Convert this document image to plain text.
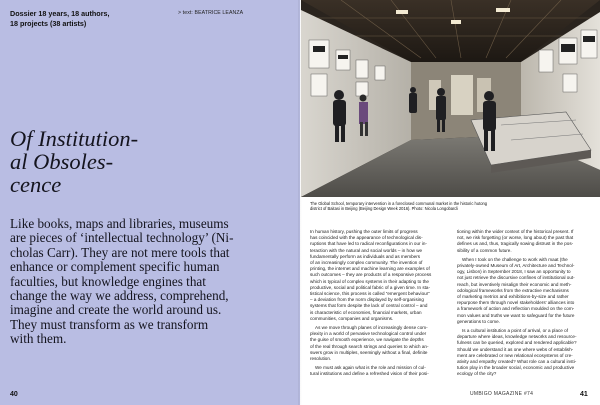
Dossier 18 years, 18 authors,
18 projects (38 artists)
> text: BEATRICE LEANZA
Of Institution-
al Obsoles-
cence
Like books, maps and libraries, museums
are pieces of ‘intellectual technology’ (Ni-
cholas Carr). They are not mere tools that
enhance or complement specific human
faculties, but knowledge engines that
change the way we address, comprehend,
imagine and create the world around us.
They must transform as we transform
with them.
40
The Global School, temporary intervention in a foreclosed communal market in the historic hutong
district of Baitasi in Beijing (Beijing Design Week 2016). Photo: Nicola Longobardi
In human history, pushing the outer limits of progress
has coincided with the appearance of technological dis-
ruptions that have led to radical reconfigurations in our in-
teraction with the natural and social worlds – in how we
fundamentally perform as individuals and as members
of an increasingly complex community. The invention of
printing, the internet and machine learning are examples of
such outcomes – they are products of a responsive process
which is typical of complex systems in their adapting to the
productive, social and political fabric of a given time. In sta-
tistical science, this process is called “emergent behaviour”
– a deviation from the norm displayed by self-organising
systems that form despite the lack of central control – and
is characteristic of economies, financial markets, urban
communities, companies and organisms.
As we move through planes of increasingly dense com-
plexity in a world of pervasive technological control under
the guise of smooth experience, we navigate the depths
of the real through search strings and queries to which an-
swers grow in multiples, seemingly without a final, definite
resolution.
We must ask again what is the role and mission of cul-
tural institutions and define a refreshed vision of their posi-
tioning within the wider context of the historical present. If
not, we risk forgetting (or worse, long about) the past that
defines us and, thus, tragically sowing distrust in the pos-
sibility of a common future.
When I took on the challenge to work with maat (the
privately-owned Museum of Art, Architecture and Technol-
ogy, Lisbon) in September 2018, I saw an opportunity to
not just retrieve the discursive confines of institutional out-
reach, but inventively misalign their economic and meth-
odological frameworks from the extractive mechanisms
of marketing metrics and exhibitions-by-size and rather
repurpose them through novel stakeholders' alliances into
a framework of action and reflection moulded on the com-
mon values and truths we want to safeguard for the future
generations to come.
Is a cultural institution a point of arrival, or a place of
departure where ideas, knowledge networks and resource-
fulness can be queried, explored and rendered applicable?
Should we understand it as one where webs of establish-
ment are celebrated or new relational ecosystems of cre-
ativity and empathy created? What role can a cultural insti-
tution play in the broader social, economic and productive
ecology of the city?
UMBIGO MAGAZINE #74	41
